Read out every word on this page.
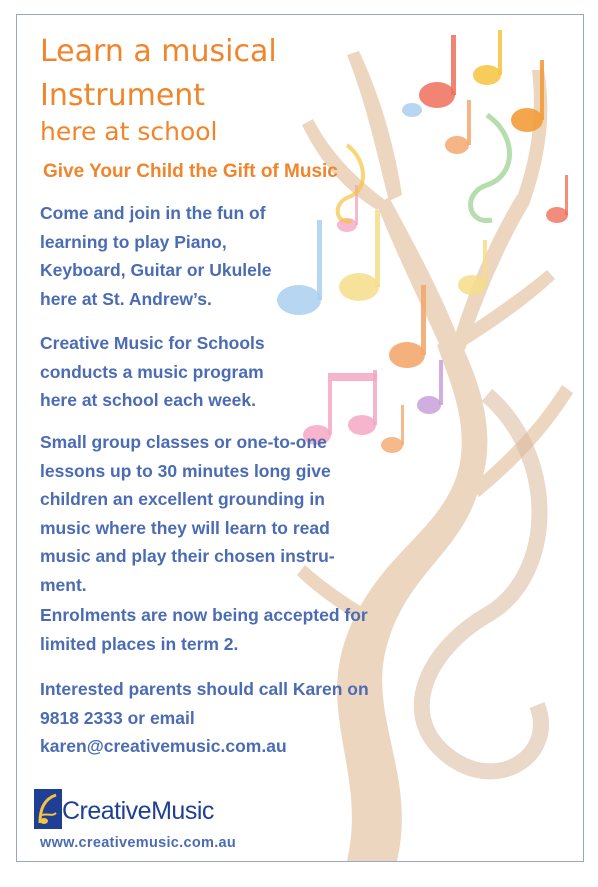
Learn a musical
Instrument
here at school
Give Your Child the Gift of Music
Come and join in the fun of
learning to play Piano,
Keyboard, Guitar or Ukulele
here at St. Andrew’s.
Creative Music for Schools
conducts a music program
here at school each week.
Small group classes or one-to-one
lessons up to 30 minutes long give
children an excellent grounding in
music where they will learn to read
music and play their chosen instru-
ment.
Enrolments are now being accepted for
limited places in term 2.
Interested parents should call Karen on
9818 2333 or email
karen@creativemusic.com.au
CreativeMusic
www.creativemusic.com.au
